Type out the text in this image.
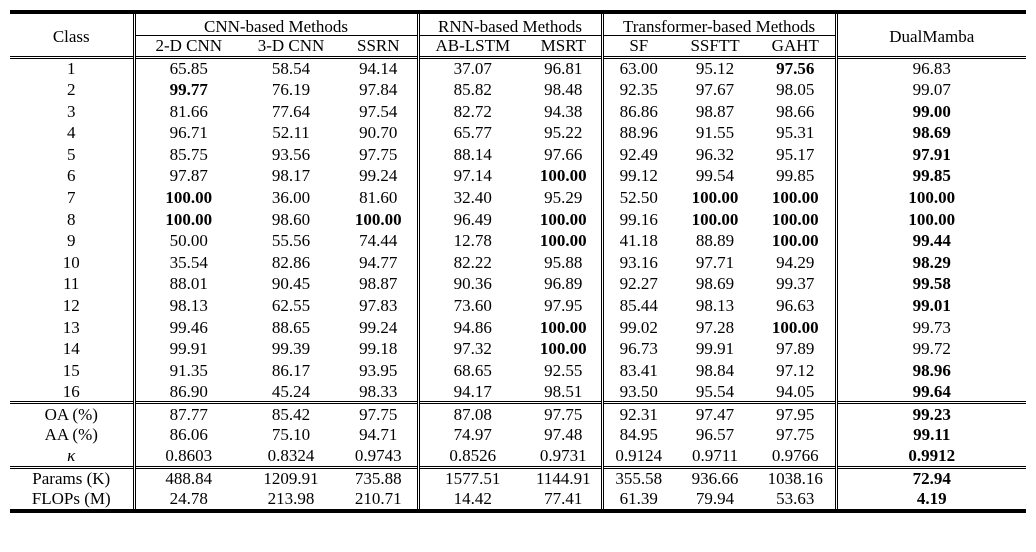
Class	CNN-based Methods			RNN-based Methods		Transformer-based Methods			DualMamba
	2-D CNN	3-D CNN	SSRN	AB-LSTM	MSRT	SF	SSFTT	GAHT	
1	65.85	58.54	94.14	37.07	96.81	63.00	95.12	97.56	96.83
2	99.77	76.19	97.84	85.82	98.48	92.35	97.67	98.05	99.07
3	81.66	77.64	97.54	82.72	94.38	86.86	98.87	98.66	99.00
4	96.71	52.11	90.70	65.77	95.22	88.96	91.55	95.31	98.69
5	85.75	93.56	97.75	88.14	97.66	92.49	96.32	95.17	97.91
6	97.87	98.17	99.24	97.14	100.00	99.12	99.54	99.85	99.85
7	100.00	36.00	81.60	32.40	95.29	52.50	100.00	100.00	100.00
8	100.00	98.60	100.00	96.49	100.00	99.16	100.00	100.00	100.00
9	50.00	55.56	74.44	12.78	100.00	41.18	88.89	100.00	99.44
10	35.54	82.86	94.77	82.22	95.88	93.16	97.71	94.29	98.29
11	88.01	90.45	98.87	90.36	96.89	92.27	98.69	99.37	99.58
12	98.13	62.55	97.83	73.60	97.95	85.44	98.13	96.63	99.01
13	99.46	88.65	99.24	94.86	100.00	99.02	97.28	100.00	99.73
14	99.91	99.39	99.18	97.32	100.00	96.73	99.91	97.89	99.72
15	91.35	86.17	93.95	68.65	92.55	83.41	98.84	97.12	98.96
16	86.90	45.24	98.33	94.17	98.51	93.50	95.54	94.05	99.64
OA (%)	87.77	85.42	97.75	87.08	97.75	92.31	97.47	97.95	99.23
AA (%)	86.06	75.10	94.71	74.97	97.48	84.95	96.57	97.75	99.11
κ	0.8603	0.8324	0.9743	0.8526	0.9731	0.9124	0.9711	0.9766	0.9912
Params (K)	488.84	1209.91	735.88	1577.51	1144.91	355.58	936.66	1038.16	72.94
FLOPs (M)	24.78	213.98	210.71	14.42	77.41	61.39	79.94	53.63	4.19
